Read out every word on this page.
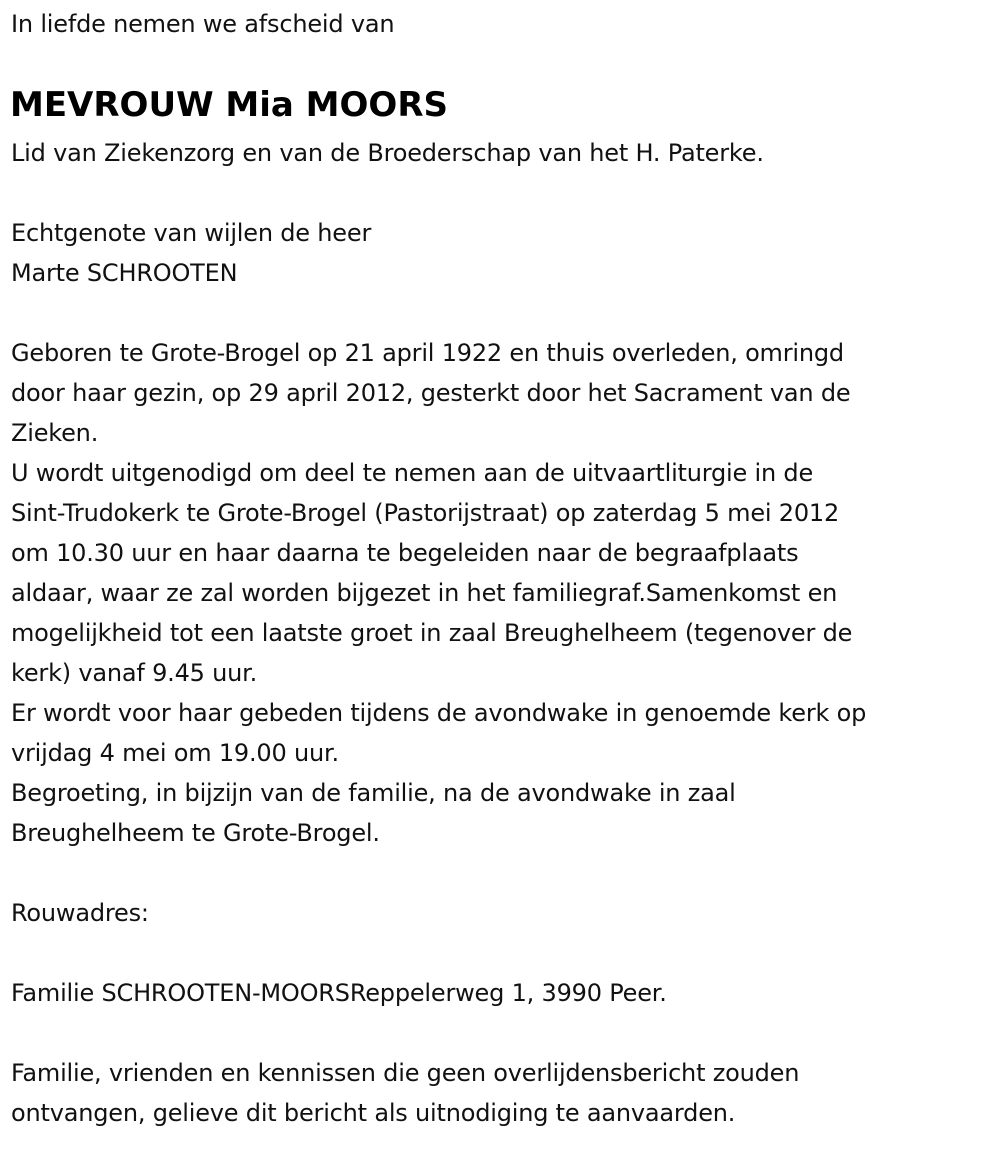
In liefde nemen we afscheid van
MEVROUW Mia MOORS
Lid van Ziekenzorg en van de Broederschap van het H. Paterke.
Echtgenote van wijlen de heer
Marte SCHROOTEN
Geboren te Grote-Brogel op 21 april 1922 en thuis overleden, omringd
door haar gezin, op 29 april 2012, gesterkt door het Sacrament van de
Zieken.
U wordt uitgenodigd om deel te nemen aan de uitvaartliturgie in de
Sint-Trudokerk te Grote-Brogel (Pastorijstraat) op zaterdag 5 mei 2012
om 10.30 uur en haar daarna te begeleiden naar de begraafplaats
aldaar, waar ze zal worden bijgezet in het familiegraf.Samenkomst en
mogelijkheid tot een laatste groet in zaal Breughelheem (tegenover de
kerk) vanaf 9.45 uur.
Er wordt voor haar gebeden tijdens de avondwake in genoemde kerk op
vrijdag 4 mei om 19.00 uur.
Begroeting, in bijzijn van de familie, na de avondwake in zaal
Breughelheem te Grote-Brogel.
Rouwadres:
Familie SCHROOTEN-MOORSReppelerweg 1, 3990 Peer.
Familie, vrienden en kennissen die geen overlijdensbericht zouden
ontvangen, gelieve dit bericht als uitnodiging te aanvaarden.
